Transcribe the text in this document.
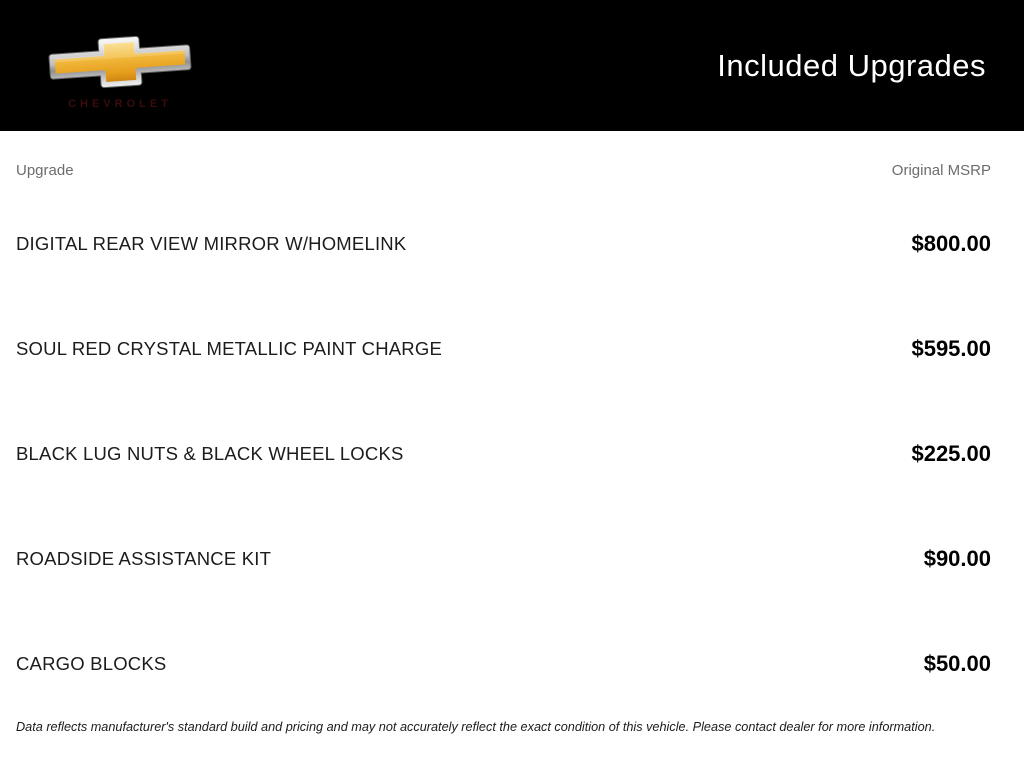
CHEVROLET
Included Upgrades
Upgrade	Original MSRP
DIGITAL REAR VIEW MIRROR W/HOMELINK	$800.00
SOUL RED CRYSTAL METALLIC PAINT CHARGE	$595.00
BLACK LUG NUTS & BLACK WHEEL LOCKS	$225.00
ROADSIDE ASSISTANCE KIT	$90.00
CARGO BLOCKS	$50.00
Data reflects manufacturer's standard build and pricing and may not accurately reflect the exact condition of this vehicle. Please contact dealer for more information.
